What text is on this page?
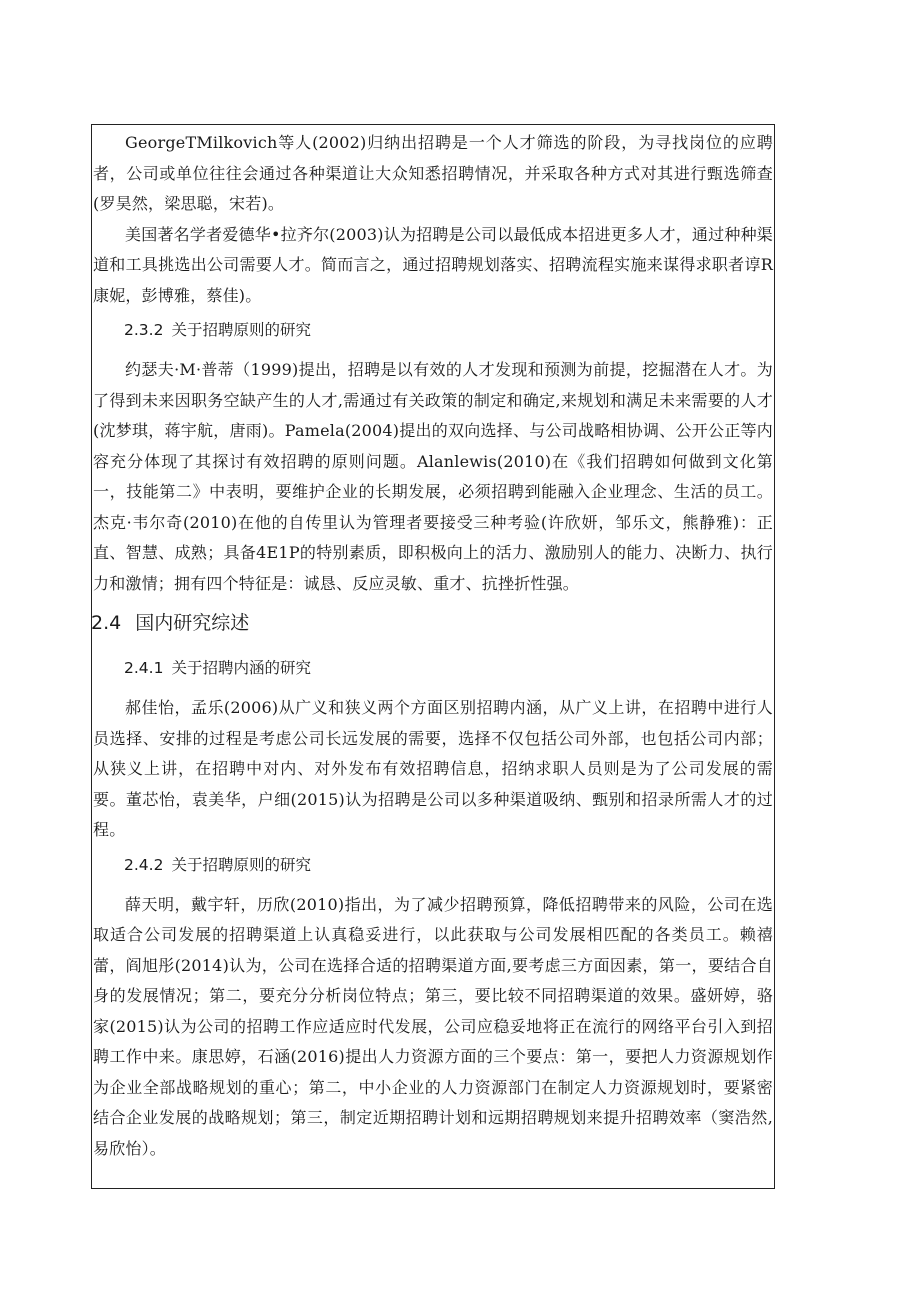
GeorgeTMilkovich等人(2002)归纳出招聘是一个人才筛选的阶段，为寻找岗位的应聘者，公司或单位往往会通过各种渠道让大众知悉招聘情况，并采取各种方式对其进行甄选筛查(罗昊然，梁思聪，宋若)。

美国著名学者爱德华•拉齐尔(2003)认为招聘是公司以最低成本招进更多人才，通过种种渠道和工具挑选出公司需要人才。简而言之，通过招聘规划落实、招聘流程实施来谋得求职者谆R康妮，彭博雅，蔡佳)。

2.3.2 关于招聘原则的研究

约瑟夫·M·普蒂（1999)提出，招聘是以有效的人才发现和预测为前提，挖掘潜在人才。为了得到未来因职务空缺产生的人才,需通过有关政策的制定和确定,来规划和满足未来需要的人才(沈梦琪，蒋宇航，唐雨)。Pamela(2004)提出的双向选择、与公司战略相协调、公开公正等内容充分体现了其探讨有效招聘的原则问题。Alanlewis(2010)在《我们招聘如何做到文化第一，技能第二》中表明，要维护企业的长期发展，必须招聘到能融入企业理念、生活的员工。杰克·韦尔奇(2010)在他的自传里认为管理者要接受三种考验(许欣妍，邹乐文，熊静雅)：正直、智慧、成熟；具备4E1P的特别素质，即积极向上的活力、激励别人的能力、决断力、执行力和激情；拥有四个特征是：诚恳、反应灵敏、重才、抗挫折性强。

2.4 国内研究综述
2.4.1 关于招聘内涵的研究

郝佳怡，孟乐(2006)从广义和狭义两个方面区别招聘内涵，从广义上讲，在招聘中进行人员选择、安排的过程是考虑公司长远发展的需要，选择不仅包括公司外部，也包括公司内部；从狭义上讲，在招聘中对内、对外发布有效招聘信息，招纳求职人员则是为了公司发展的需要。董芯怡，袁美华，户细(2015)认为招聘是公司以多种渠道吸纳、甄别和招录所需人才的过程。

2.4.2 关于招聘原则的研究

薛天明，戴宇轩，历欣(2010)指出，为了减少招聘预算，降低招聘带来的风险，公司在选取适合公司发展的招聘渠道上认真稳妥进行，以此获取与公司发展相匹配的各类员工。赖禧蕾，阎旭彤(2014)认为，公司在选择合适的招聘渠道方面,要考虑三方面因素，第一，要结合自身的发展情况；第二，要充分分析岗位特点；第三，要比较不同招聘渠道的效果。盛妍婷，骆家(2015)认为公司的招聘工作应适应时代发展，公司应稳妥地将正在流行的网络平台引入到招聘工作中来。康思婷，石涵(2016)提出人力资源方面的三个要点：第一，要把人力资源规划作为企业全部战略规划的重心；第二，中小企业的人力资源部门在制定人力资源规划时，要紧密结合企业发展的战略规划；第三，制定近期招聘计划和远期招聘规划来提升招聘效率（窦浩然,易欣怡）。
